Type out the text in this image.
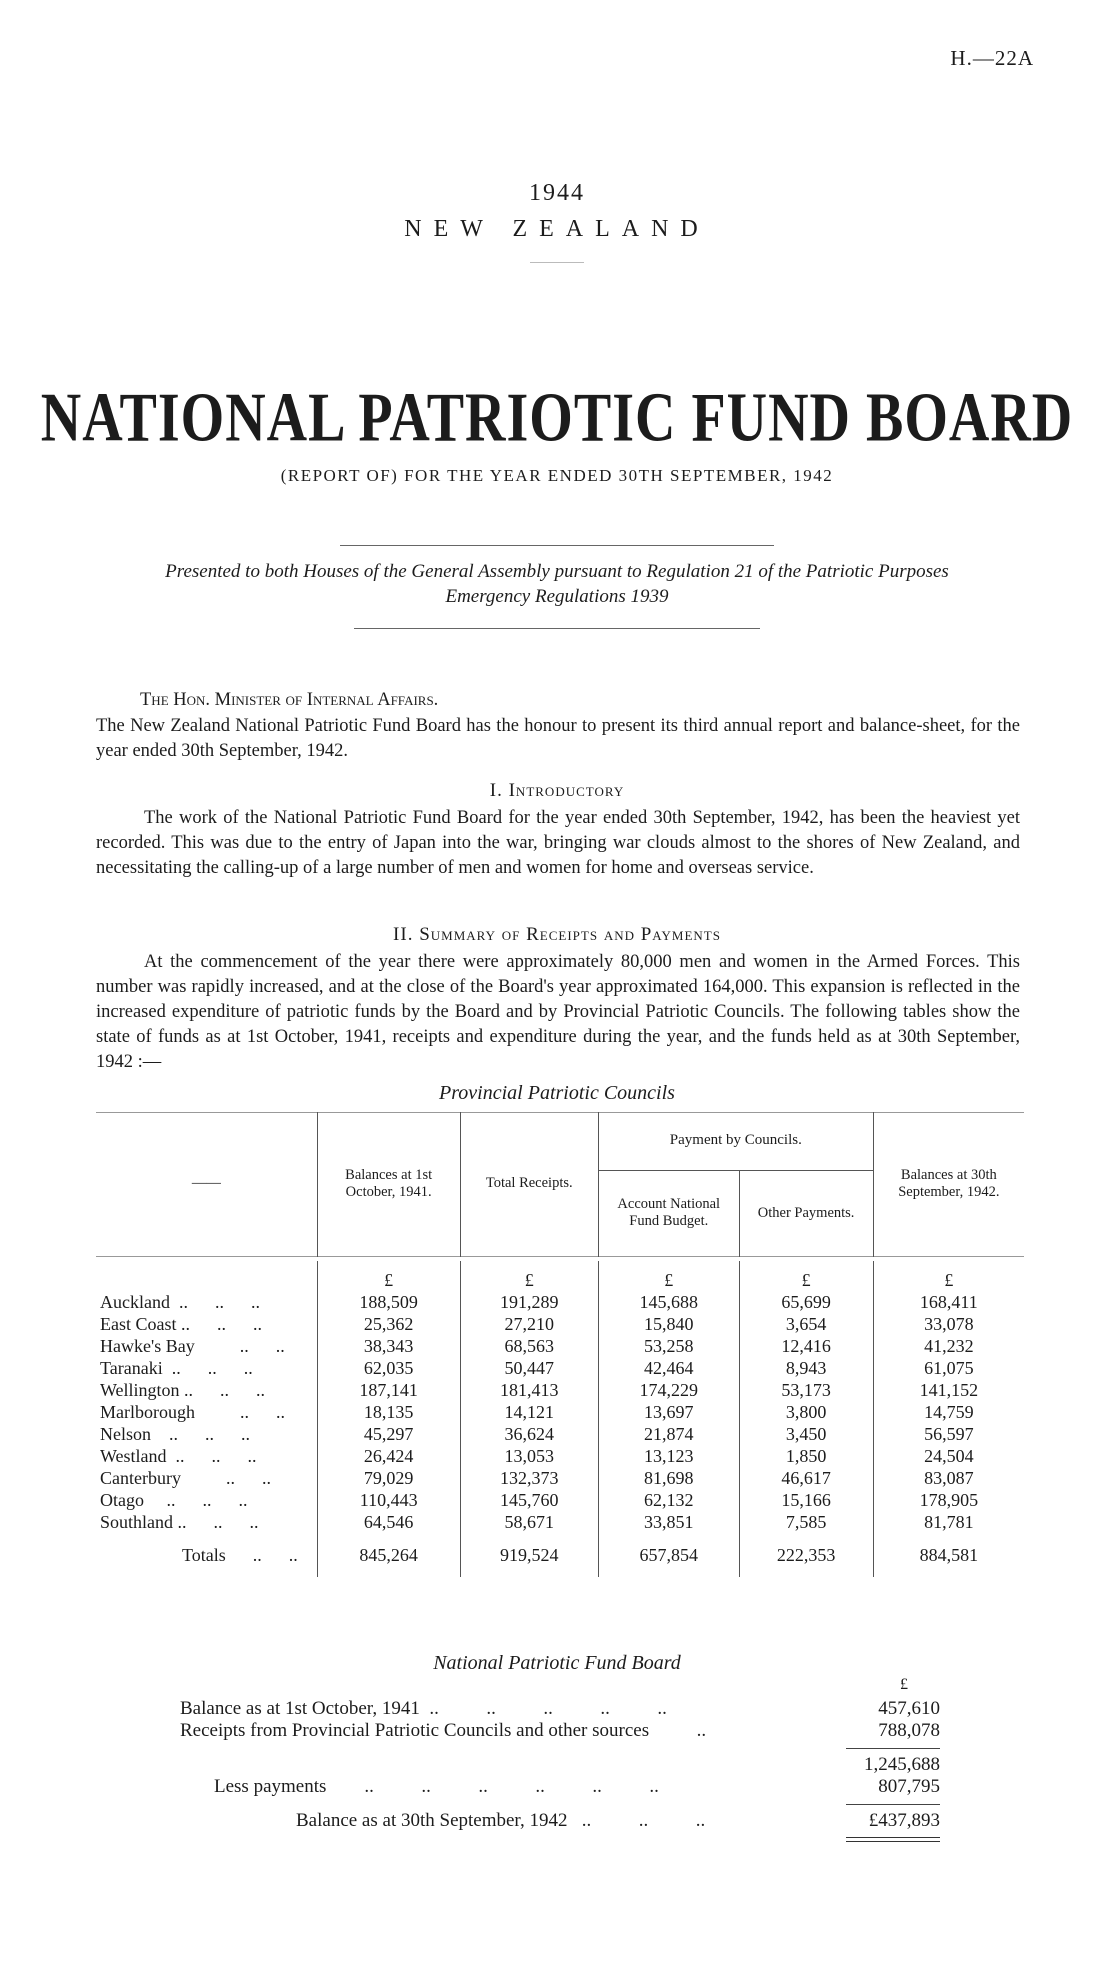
H.—22A
1944
NEW ZEALAND
NATIONAL PATRIOTIC FUND BOARD
(REPORT OF) FOR THE YEAR ENDED 30TH SEPTEMBER, 1942
Presented to both Houses of the General Assembly pursuant to Regulation 21 of the Patriotic Purposes
Emergency Regulations 1939
The Hon. Minister of Internal Affairs.
The New Zealand National Patriotic Fund Board has the honour to present its third annual report and balance-sheet, for the year ended 30th September, 1942.
I. Introductory
The work of the National Patriotic Fund Board for the year ended 30th September, 1942, has been the heaviest yet recorded. This was due to the entry of Japan into the war, bringing war clouds almost to the shores of New Zealand, and necessitating the calling-up of a large number of men and women for home and overseas service.
II. Summary of Receipts and Payments
At the commencement of the year there were approximately 80,000 men and women in the Armed Forces. This number was rapidly increased, and at the close of the Board's year approximated 164,000. This expansion is reflected in the increased expenditure of patriotic funds by the Board and by Provincial Patriotic Councils. The following tables show the state of funds as at 1st October, 1941, receipts and expenditure during the year, and the funds held as at 30th September, 1942 :—
Provincial Patriotic Councils
——	Balances at 1st October, 1941.	Total Receipts.	Payment by Councils.		Balances at 30th September, 1942.
			Account National Fund Budget.	Other Payments.	

	£	£	£	£	£
Auckland  ..      ..      ..	188,509	191,289	145,688	65,699	168,411
East Coast ..      ..      ..	25,362	27,210	15,840	3,654	33,078
Hawke's Bay          ..      ..	38,343	68,563	53,258	12,416	41,232
Taranaki  ..      ..      ..	62,035	50,447	42,464	8,943	61,075
Wellington ..      ..      ..	187,141	181,413	174,229	53,173	141,152
Marlborough          ..      ..	18,135	14,121	13,697	3,800	14,759
Nelson    ..      ..      ..	45,297	36,624	21,874	3,450	56,597
Westland  ..      ..      ..	26,424	13,053	13,123	1,850	24,504
Canterbury          ..      ..	79,029	132,373	81,698	46,617	83,087
Otago     ..      ..      ..	110,443	145,760	62,132	15,166	178,905
Southland ..      ..      ..	64,546	58,671	33,851	7,585	81,781
Totals      ..      ..	845,264	919,524	657,854	222,353	884,581
National Patriotic Fund Board
£
Balance as at 1st October, 1941  ..          ..          ..          ..          ..	457,610
Receipts from Provincial Patriotic Councils and other sources          ..	788,078
1,245,688
Less payments        ..          ..          ..          ..          ..          ..	807,795
Balance as at 30th September, 1942   ..          ..          ..	£437,893
